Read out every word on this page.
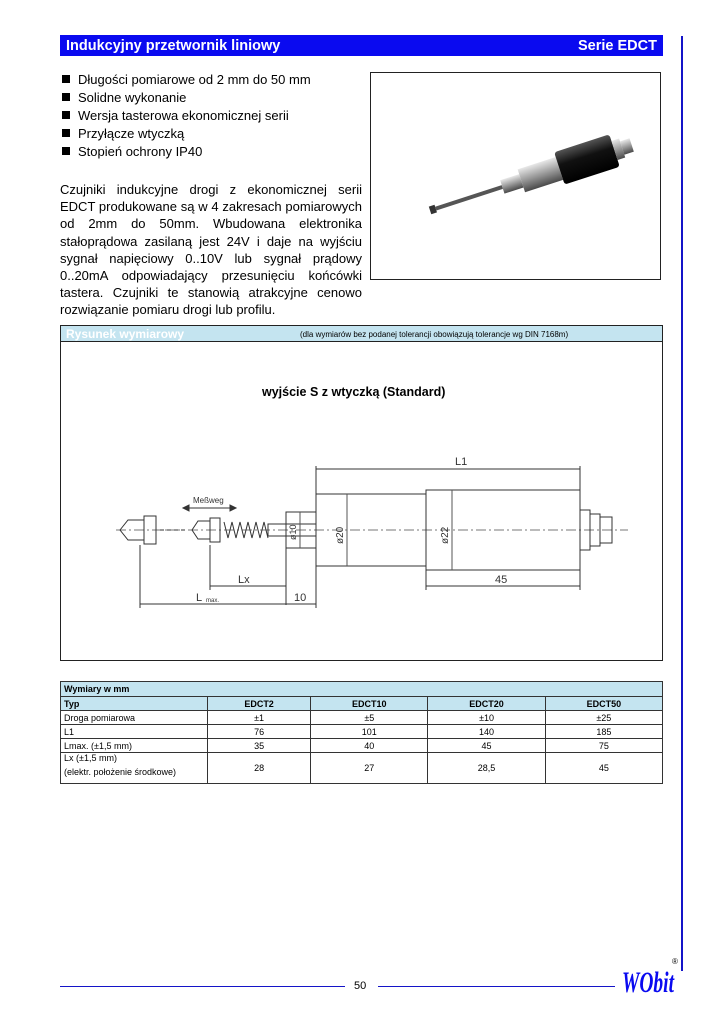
Indukcyjny przetwornik liniowy	Serie EDCT
Długości pomiarowe od 2 mm do 50 mm
Solidne wykonanie
Wersja tasterowa ekonomicznej serii
Przyłącze wtyczką
Stopień ochrony IP40

Czujniki indukcyjne drogi z ekonomicznej serii EDCT produkowane są w 4 zakresach pomiarowych od 2mm do 50mm. Wbudowana elektronika stałoprądowa zasilaną jest 24V i daje na wyjściu sygnał napięciowy 0..10V lub sygnał prądowy 0..20mA odpowiadający przesunięciu końcówki tastera. Czujniki te stanowią atrakcyjne cenowo rozwiązanie pomiaru drogi lub profilu.

Rysunek wymiarowy	(dla wymiarów bez podanej tolerancji obowiązują tolerancje wg DIN 7168m)
wyjście S z wtyczką (Standard)
L1
Meßweg
ø10	ø20	ø22
Lx	45
L max.	10
Wymiary w mm				
Typ	EDCT2	EDCT10	EDCT20	EDCT50
Droga pomiarowa	±1	±5	±10	±25
L1	76	101	140	185
Lmax. (±1,5 mm)	35	40	45	75

Lx (±1,5 mm)
(elektr. położenie środkowe)	28	27	28,5	45
50	WObit
®
